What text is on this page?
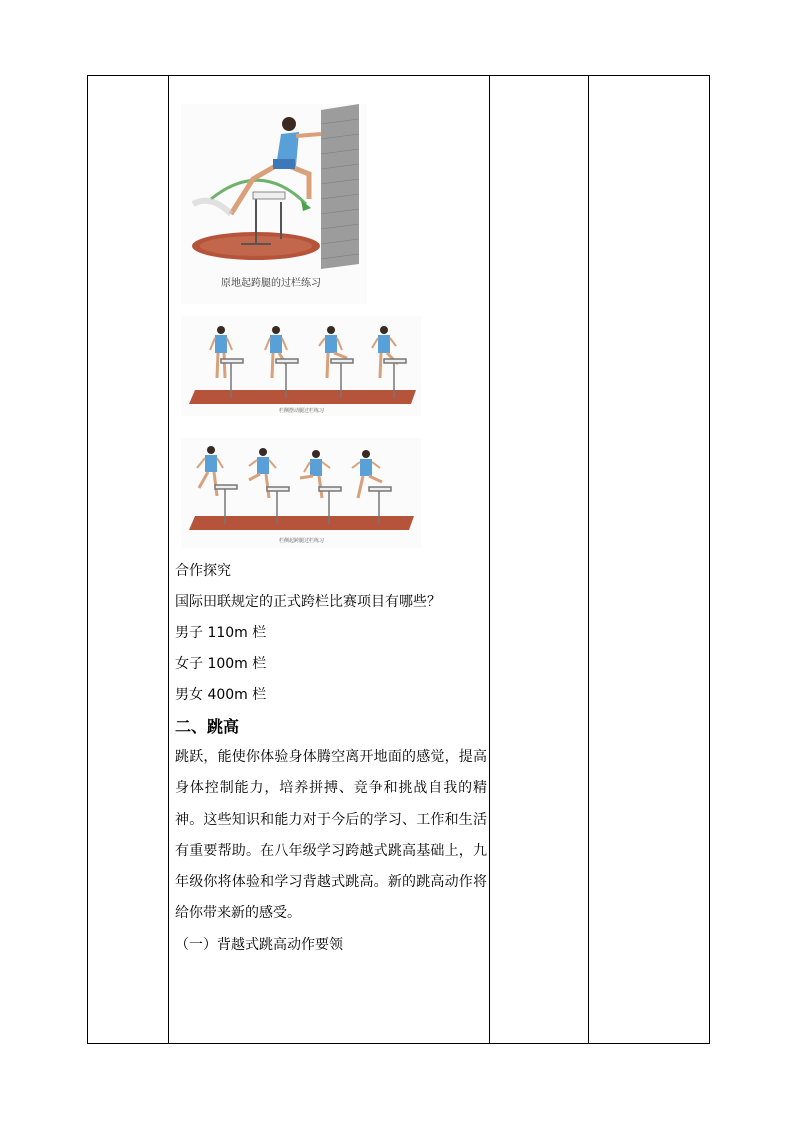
原地起跨腿的过栏练习
栏侧摆动腿过栏练习
栏侧起跨腿过栏练习
合作探究
国际田联规定的正式跨栏比赛项目有哪些？
男子 110m 栏
女子 100m 栏
男女 400m 栏
二、跳高
跳跃，能使你体验身体腾空离开地面的感觉，提高身体控制能力，培养拼搏、竞争和挑战自我的精神。这些知识和能力对于今后的学习、工作和生活有重要帮助。在八年级学习跨越式跳高基础上，九年级你将体验和学习背越式跳高。新的跳高动作将给你带来新的感受。
（一）背越式跳高动作要领
